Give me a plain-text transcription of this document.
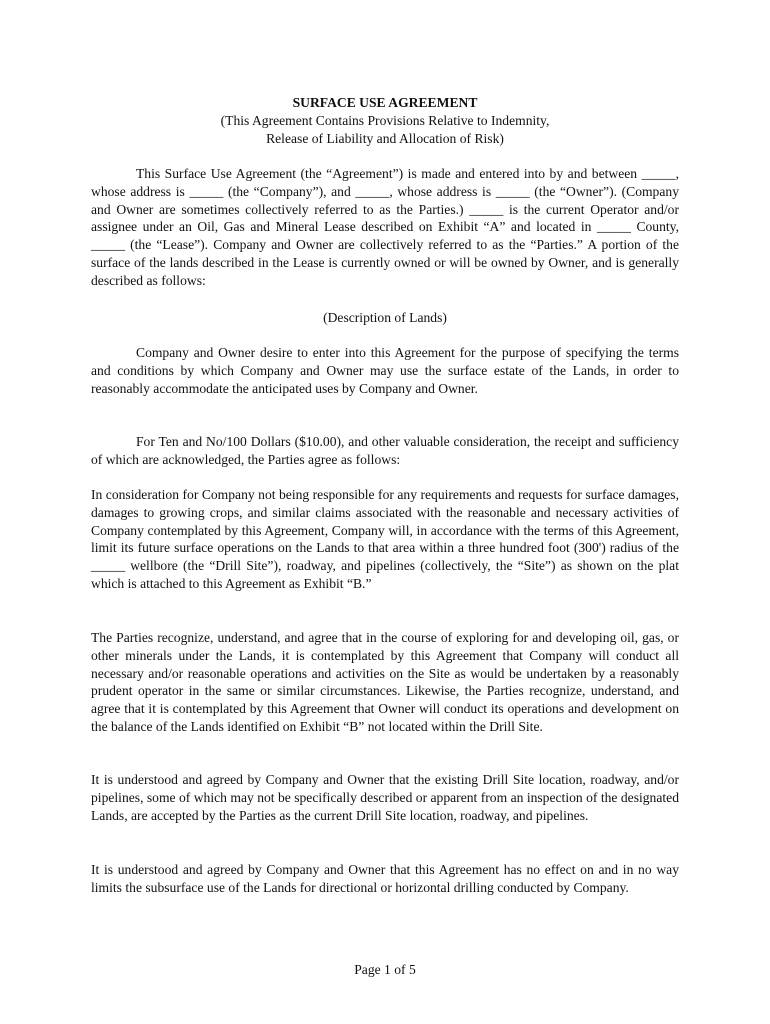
SURFACE USE AGREEMENT
(This Agreement Contains Provisions Relative to Indemnity,
Release of Liability and Allocation of Risk)
This Surface Use Agreement (the “Agreement”) is made and entered into by and between _____, whose address is _____ (the “Company”), and _____, whose address is _____ (the “Owner”). (Company and Owner are sometimes collectively referred to as the Parties.) _____ is the current Operator and/or assignee under an Oil, Gas and Mineral Lease described on Exhibit “A” and located in _____ County, _____ (the “Lease”). Company and Owner are collectively referred to as the “Parties.” A portion of the surface of the lands described in the Lease is currently owned or will be owned by Owner, and is generally described as follows:
(Description of Lands)
Company and Owner desire to enter into this Agreement for the purpose of specifying the terms and conditions by which Company and Owner may use the surface estate of the Lands, in order to reasonably accommodate the anticipated uses by Company and Owner.
For Ten and No/100 Dollars ($10.00), and other valuable consideration, the receipt and sufficiency of which are acknowledged, the Parties agree as follows:
In consideration for Company not being responsible for any requirements and requests for surface damages, damages to growing crops, and similar claims associated with the reasonable and necessary activities of Company contemplated by this Agreement, Company will, in accordance with the terms of this Agreement, limit its future surface operations on the Lands to that area within a three hundred foot (300') radius of the _____ wellbore (the “Drill Site”), roadway, and pipelines (collectively, the “Site”) as shown on the plat which is attached to this Agreement as Exhibit “B.”
The Parties recognize, understand, and agree that in the course of exploring for and developing oil, gas, or other minerals under the Lands, it is contemplated by this Agreement that Company will conduct all necessary and/or reasonable operations and activities on the Site as would be undertaken by a reasonably prudent operator in the same or similar circumstances. Likewise, the Parties recognize, understand, and agree that it is contemplated by this Agreement that Owner will conduct its operations and development on the balance of the Lands identified on Exhibit “B” not located within the Drill Site.
It is understood and agreed by Company and Owner that the existing Drill Site location, roadway, and/or pipelines, some of which may not be specifically described or apparent from an inspection of the designated Lands, are accepted by the Parties as the current Drill Site location, roadway, and pipelines.
It is understood and agreed by Company and Owner that this Agreement has no effect on and in no way limits the subsurface use of the Lands for directional or horizontal drilling conducted by Company.
Page 1 of 5
